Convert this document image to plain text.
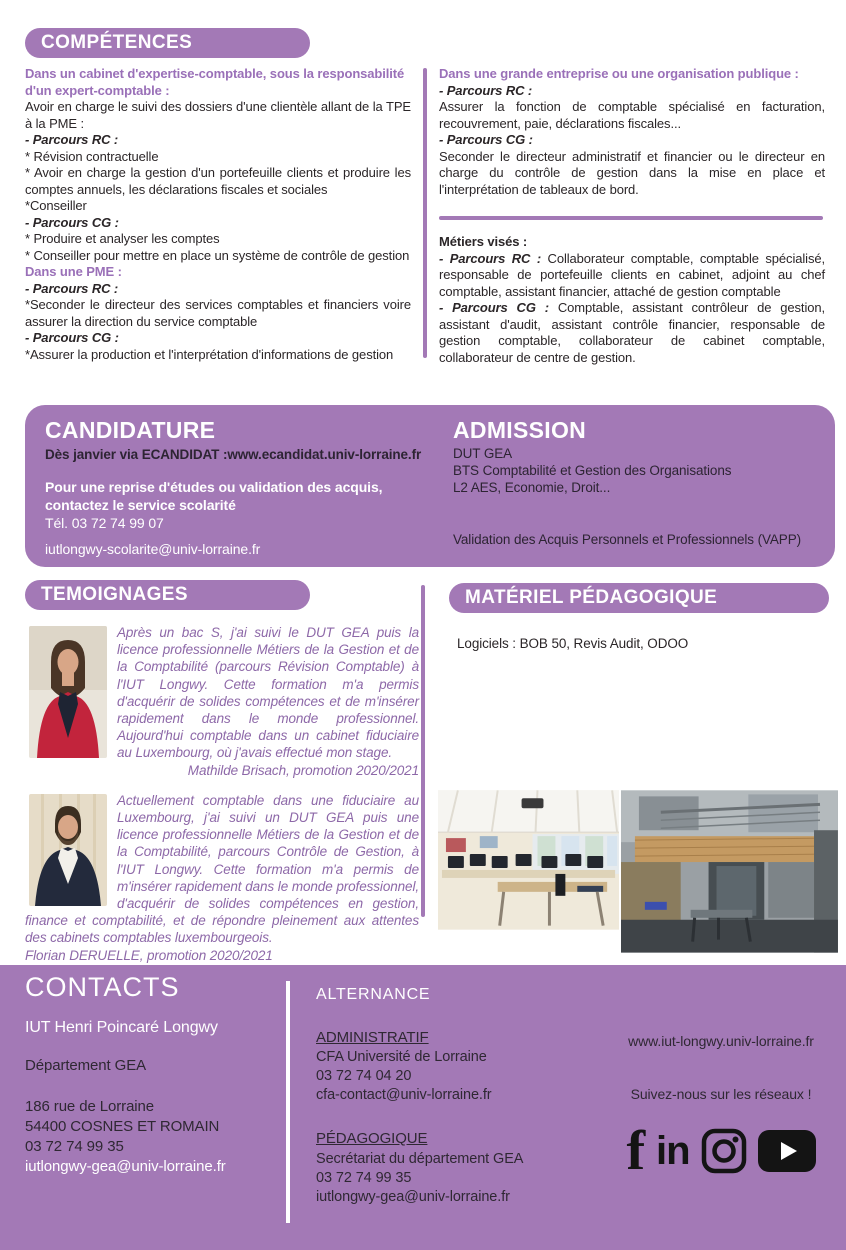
COMPÉTENCES

Dans un cabinet d'expertise-comptable, sous la responsabilité d'un expert-comptable :

Avoir en charge le suivi des dossiers d'une clientèle allant de la TPE à la PME :

- Parcours RC :

* Révision contractuelle

* Avoir en charge la gestion d'un portefeuille clients et produire les comptes annuels, les déclarations fiscales et sociales

*Conseiller

- Parcours CG :

* Produire et analyser les comptes

* Conseiller pour mettre en place un système de contrôle de gestion

Dans une PME :

- Parcours RC :

*Seconder le directeur des services comptables et financiers voire assurer la direction du service comptable

- Parcours CG :

*Assurer la production et l'interprétation d'informations de gestion

Dans une grande entreprise ou une organisation publique :

- Parcours RC :

Assurer la fonction de comptable spécialisé en facturation, recouvrement, paie, déclarations fiscales...

- Parcours CG :

Seconder le directeur administratif et financier ou le directeur en charge du contrôle de gestion dans la mise en place et l'interprétation de tableaux de bord.

Métiers visés :

- Parcours RC : Collaborateur comptable, comptable spécialisé, responsable de portefeuille clients en cabinet, adjoint au chef comptable, assistant financier, attaché de gestion comptable

- Parcours CG : Comptable, assistant contrôleur de gestion, assistant d'audit, assistant contrôle financier, responsable de gestion comptable, collaborateur de cabinet comptable, collaborateur de centre de gestion.

CANDIDATURE
Dès janvier via ECANDIDAT :www.ecandidat.univ-lorraine.fr
Pour une reprise d'études ou validation des acquis,
contactez le service scolarité
Tél. 03 72 74 99 07
iutlongwy-scolarite@univ-lorraine.fr
ADMISSION
DUT GEA
BTS Comptabilité et Gestion des Organisations
L2 AES, Economie, Droit...
Validation des Acquis Personnels et Professionnels (VAPP)
TEMOIGNAGES
Après un bac S, j'ai suivi le DUT GEA puis la licence professionnelle Métiers de la Gestion et de la Comptabilité (parcours Révision Comptable) à l'IUT Longwy. Cette formation m'a permis d'acquérir de solides compétences et de m'insérer rapidement dans le monde professionnel. Aujourd'hui comptable dans un cabinet fiduciaire au Luxembourg, où j'avais effectué mon stage.
Mathilde Brisach, promotion 2020/2021
Actuellement comptable dans une fiduciaire au Luxembourg, j'ai suivi un DUT GEA puis une licence professionnelle Métiers de la Gestion et de la Comptabilité, parcours Contrôle de Gestion, à l'IUT Longwy. Cette formation m'a permis de m'insérer rapidement dans le monde professionnel, d'acquérir de solides compétences en gestion, finance et comptabilité, et de répondre pleinement aux attentes des cabinets comptables luxembourgeois.
Florian DERUELLE, promotion 2020/2021
MATÉRIEL PÉDAGOGIQUE
Logiciels : BOB 50, Revis Audit, ODOO
CONTACTS
IUT Henri Poincaré Longwy
Département GEA
186 rue de Lorraine
54400 COSNES ET ROMAIN
03 72 74 99 35
iutlongwy-gea@univ-lorraine.fr
ALTERNANCE
ADMINISTRATIF
CFA Université de Lorraine
03 72 74 04 20
cfa-contact@univ-lorraine.fr
PÉDAGOGIQUE
Secrétariat du département GEA
03 72 74 99 35
iutlongwy-gea@univ-lorraine.fr
www.iut-longwy.univ-lorraine.fr
Suivez-nous sur les réseaux !
f in
